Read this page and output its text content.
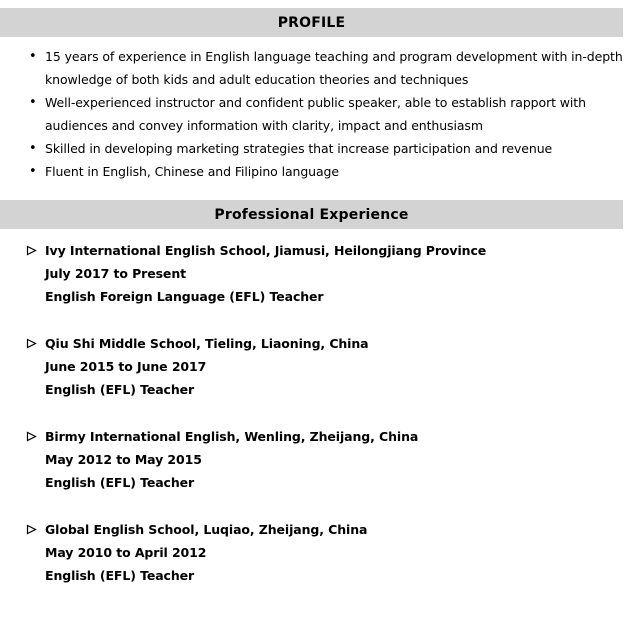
PROFILE
• 15 years of experience in English language teaching and program development with in-depth
knowledge of both kids and adult education theories and techniques
• Well-experienced instructor and confident public speaker, able to establish rapport with
audiences and convey information with clarity, impact and enthusiasm
• Skilled in developing marketing strategies that increase participation and revenue
• Fluent in English, Chinese and Filipino language
Professional Experience
Ivy International English School, Jiamusi, Heilongjiang Province
July 2017 to Present
English Foreign Language (EFL) Teacher
Qiu Shi Middle School, Tieling, Liaoning, China
June 2015 to June 2017
English (EFL) Teacher
Birmy International English, Wenling, Zheijang, China
May 2012 to May 2015
English (EFL) Teacher
Global English School, Luqiao, Zheijang, China
May 2010 to April 2012
English (EFL) Teacher
